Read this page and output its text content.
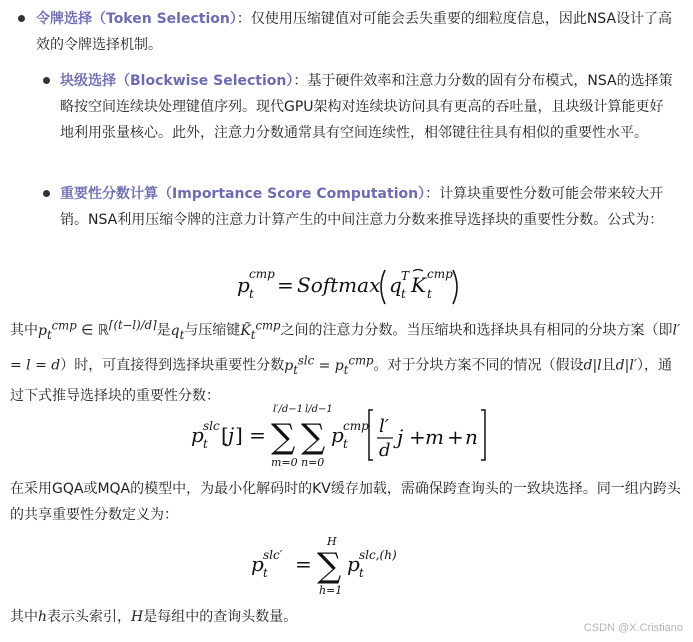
令牌选择（Token Selection）：仅使用压缩键值对可能会丢失重要的细粒度信息，因此NSA设计了高效的令牌选择机制。
块级选择（Blockwise Selection）：基于硬件效率和注意力分数的固有分布模式，NSA的选择策略按空间连续块处理键值序列。现代GPU架构对连续块访问具有更高的吞吐量，且块级计算能更好地利用张量核心。此外，注意力分数通常具有空间连续性，相邻键往往具有相似的重要性水平。
重要性分数计算（Importance Score Computation）：计算块重要性分数可能会带来较大开销。NSA利用压缩令牌的注意力计算产生的中间注意力分数来推导选择块的重要性分数。公式为：
p t
cmp = Softmax q t
T K t
cmp
其中$p_t^{cmp}$ ∈ ℝ$^{⌈(t-l)/d⌉}$是$q_t$与压缩键$K̃_t^{cmp}$之间的注意力分数。当压缩块和选择块具有相同的分块方案（即l′ = l = d）时，可直接得到选择块重要性分数$p_t^{slc} = p_t^{cmp}$。对于分块方案不同的情况（假设d|l且d|l′），通过下式推导选择块的重要性分数：
p t
slc [ j ] = ∑
l′/d−1
m=0
∑
l/d−1
n=0
p t
cmp l′
d
j + m + n
在采用GQA或MQA的模型中，为最小化解码时的KV缓存加载，需确保跨查询头的一致块选择。同一组内跨头的共享重要性分数定义为：
p t
slc′ = ∑
H
h=1
p t
slc,(h)
其中h表示头索引，H是每组中的查询头数量。
CSDN @X.Cristiano
